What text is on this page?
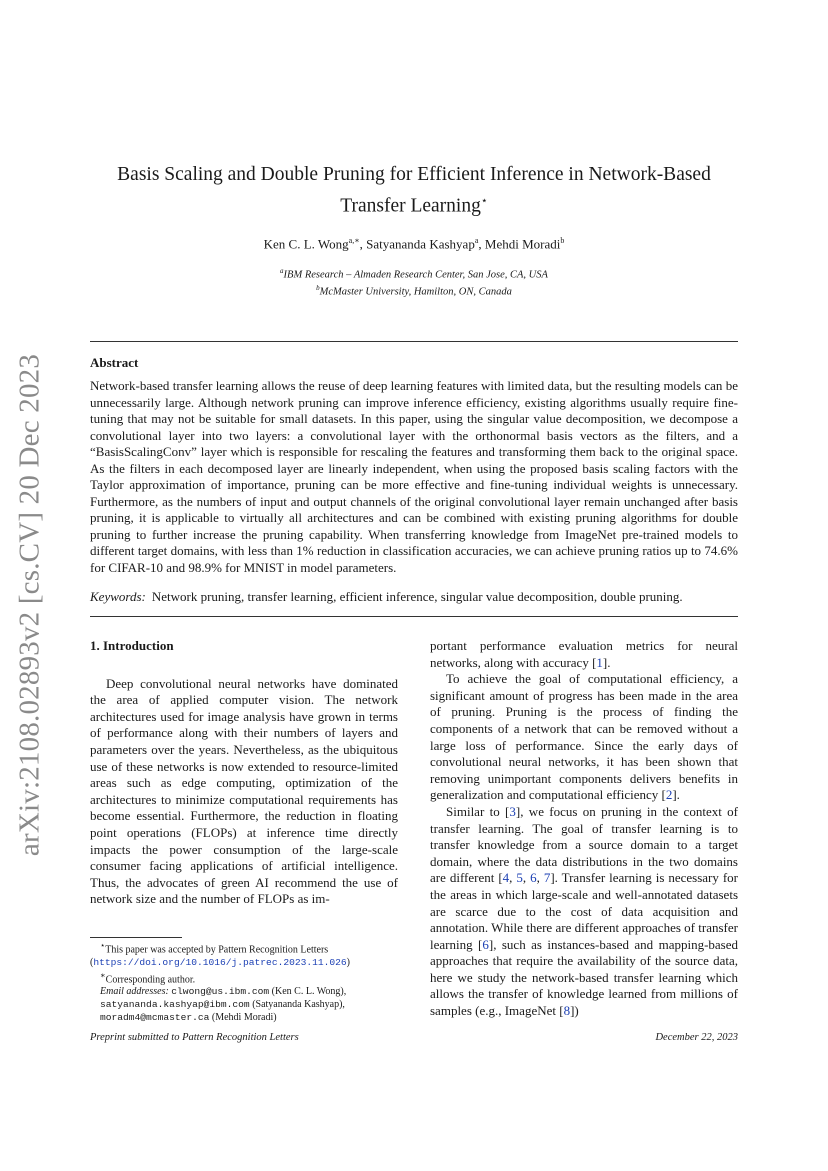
arXiv:2108.02893v2 [cs.CV] 20 Dec 2023
Basis Scaling and Double Pruning for Efficient Inference in Network-Based
Transfer Learning⋆
Ken C. L. Wong$^{a,∗}$, Satyananda Kashyap$^a$, Mehdi Moradi$^b$
$^a$IBM Research – Almaden Research Center, San Jose, CA, USA
$^b$McMaster University, Hamilton, ON, Canada
Abstract
Network-based transfer learning allows the reuse of deep learning features with limited data, but the resulting models can be unnecessarily large. Although network pruning can improve inference efficiency, existing algorithms usually require fine-tuning that may not be suitable for small datasets. In this paper, using the singular value decomposition, we decompose a convolutional layer into two layers: a convolutional layer with the orthonormal basis vectors as the filters, and a “BasisScalingConv” layer which is responsible for rescaling the features and transforming them back to the original space. As the filters in each decomposed layer are linearly independent, when using the proposed basis scaling factors with the Taylor approximation of importance, pruning can be more effective and fine-tuning individual weights is unnecessary. Furthermore, as the numbers of input and output channels of the original convolutional layer remain unchanged after basis pruning, it is applicable to virtually all architectures and can be combined with existing pruning algorithms for double pruning to further increase the pruning capability. When transferring knowledge from ImageNet pre-trained models to different target domains, with less than 1% reduction in classification accuracies, we can achieve pruning ratios up to 74.6% for CIFAR-10 and 98.9% for MNIST in model parameters.
Keywords: Network pruning, transfer learning, efficient inference, singular value decomposition, double pruning.

1. Introduction

Deep convolutional neural networks have dominated the area of applied computer vision. The network architectures used for image analysis have grown in terms of performance along with their numbers of layers and parameters over the years. Nevertheless, as the ubiquitous use of these networks is now extended to resource-limited areas such as edge computing, optimization of the architectures to minimize computational requirements has become essential. Furthermore, the reduction in floating point operations (FLOPs) at inference time directly impacts the power consumption of the large-scale consumer facing applications of artificial intelligence. Thus, the advocates of green AI recommend the use of network size and the number of FLOPs as im-

portant performance evaluation metrics for neural networks, along with accuracy [1].

To achieve the goal of computational efficiency, a significant amount of progress has been made in the area of pruning. Pruning is the process of finding the components of a network that can be removed without a large loss of performance. Since the early days of convolutional neural networks, it has been shown that removing unimportant components delivers benefits in generalization and computational efficiency [2].

Similar to [3], we focus on pruning in the context of transfer learning. The goal of transfer learning is to transfer knowledge from a source domain to a target domain, where the data distributions in the two domains are different [4, 5, 6, 7]. Transfer learning is necessary for the areas in which large-scale and well-annotated datasets are scarce due to the cost of data acquisition and annotation. While there are different approaches of transfer learning [6], such as instances-based and mapping-based approaches that require the availability of the source data, here we study the network-based transfer learning which allows the transfer of knowledge learned from millions of samples (e.g., ImageNet [8])

⋆This paper was accepted by Pattern Recognition Letters (https://doi.org/10.1016/j.patrec.2023.11.026)

∗Corresponding author.

Email addresses: clwong@us.ibm.com (Ken C. L. Wong),

satyananda.kashyap@ibm.com (Satyananda Kashyap),

moradm4@mcmaster.ca (Mehdi Moradi)

Preprint submitted to Pattern Recognition Letters	December 22, 2023
